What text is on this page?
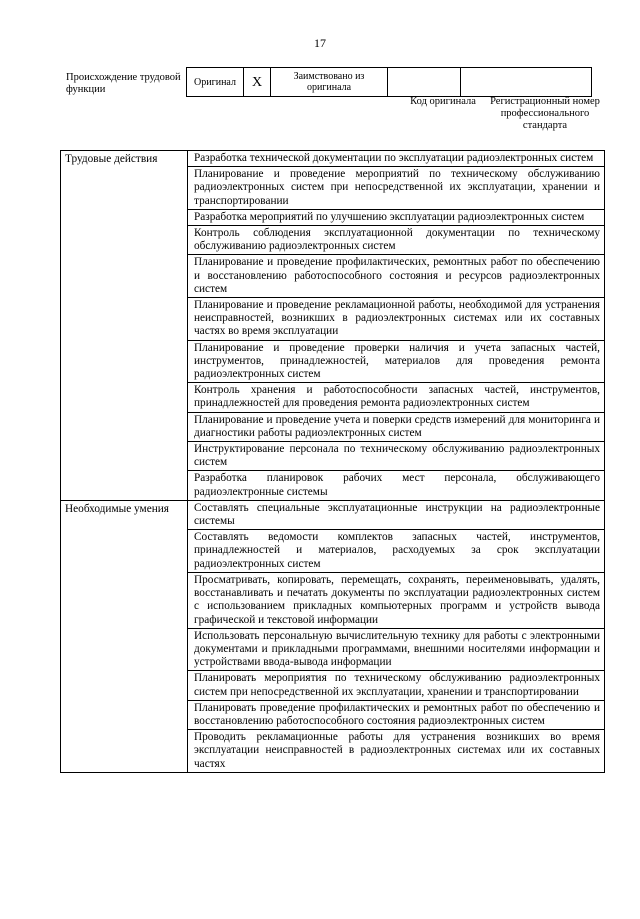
17
Происхождение трудовой функции
Оригинал	X	Заимствовано из оригинала		
Код оригинала	Регистрационный номер профессионального стандарта
Трудовые действия	Разработка технической документации по эксплуатации радиоэлектронных систем
	Планирование и проведение мероприятий по техническому обслуживанию радиоэлектронных систем при непосредственной их эксплуатации, хранении и транспортировании
	Разработка мероприятий по улучшению эксплуатации радиоэлектронных систем
	Контроль соблюдения эксплуатационной документации по техническому обслуживанию радиоэлектронных систем
	Планирование и проведение профилактических, ремонтных работ по обеспечению и восстановлению работоспособного состояния и ресурсов радиоэлектронных систем
	Планирование и проведение рекламационной работы, необходимой для устранения неисправностей, возникших в радиоэлектронных системах или их составных частях во время эксплуатации
	Планирование и проведение проверки наличия и учета запасных частей, инструментов, принадлежностей, материалов для проведения ремонта радиоэлектронных систем
	Контроль хранения и работоспособности запасных частей, инструментов, принадлежностей для проведения ремонта радиоэлектронных систем
	Планирование и проведение учета и поверки средств измерений для мониторинга и диагностики работы радиоэлектронных систем
	Инструктирование персонала по техническому обслуживанию радиоэлектронных систем
	Разработка планировок рабочих мест персонала, обслуживающего радиоэлектронные системы
Необходимые умения	Составлять специальные эксплуатационные инструкции на радиоэлектронные системы
	Составлять ведомости комплектов запасных частей, инструментов, принадлежностей и материалов, расходуемых за срок эксплуатации радиоэлектронных систем
	Просматривать, копировать, перемещать, сохранять, переименовывать, удалять, восстанавливать и печатать документы по эксплуатации радиоэлектронных систем с использованием прикладных компьютерных программ и устройств вывода графической и текстовой информации
	Использовать персональную вычислительную технику для работы с электронными документами и прикладными программами, внешними носителями информации и устройствами ввода-вывода информации
	Планировать мероприятия по техническому обслуживанию радиоэлектронных систем при непосредственной их эксплуатации, хранении и транспортировании
	Планировать проведение профилактических и ремонтных работ по обеспечению и восстановлению работоспособного состояния радиоэлектронных систем
	Проводить рекламационные работы для устранения возникших во время эксплуатации неисправностей в радиоэлектронных системах или их составных частях
